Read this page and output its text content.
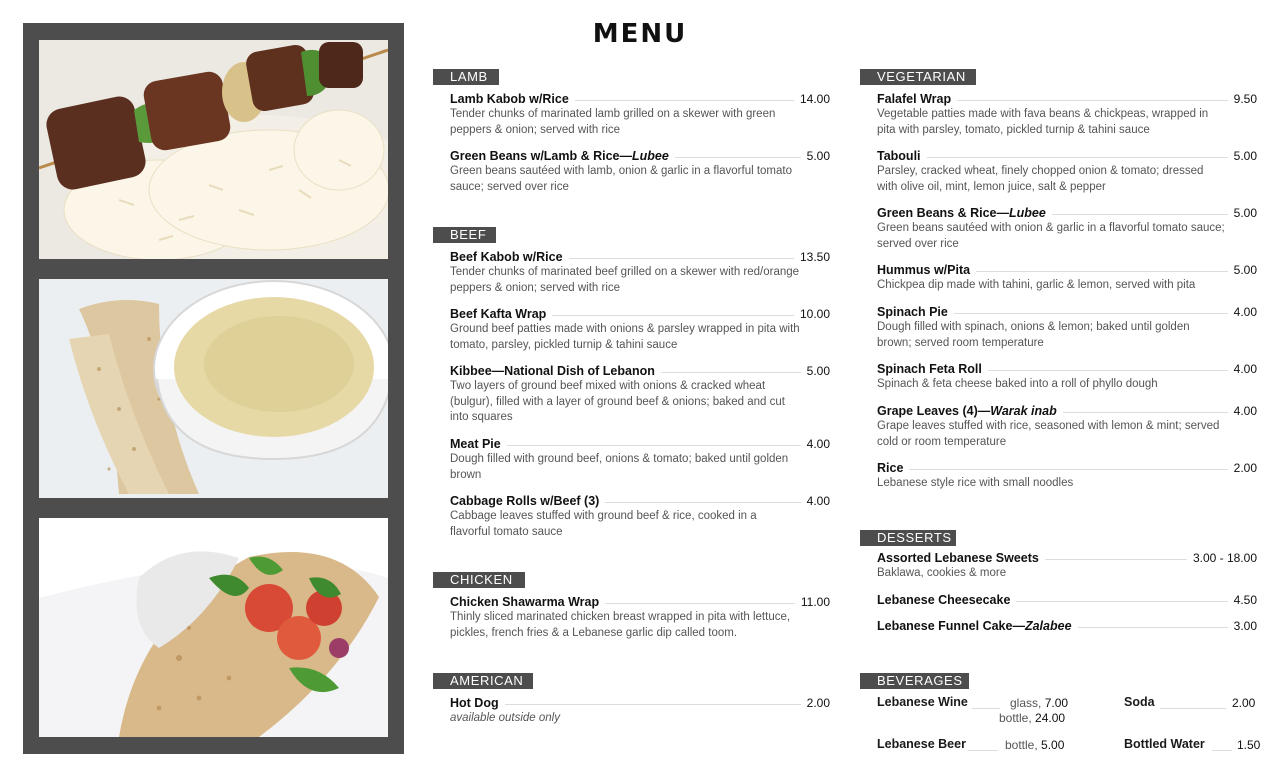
MENU
LAMB
Lamb Kabob w/Rice	14.00
Tender chunks of marinated lamb grilled on a skewer with green peppers & onion; served with rice
Green Beans w/Lamb & Rice—Lubee	5.00
Green beans sautéed with lamb, onion & garlic in a flavorful tomato sauce; served over rice
BEEF
Beef Kabob w/Rice	13.50
Tender chunks of marinated beef grilled on a skewer with red/orange peppers & onion; served with rice
Beef Kafta Wrap	10.00
Ground beef patties made with onions & parsley wrapped in pita with tomato, parsley, pickled turnip & tahini sauce
Kibbee—National Dish of Lebanon	5.00
Two layers of ground beef mixed with onions & cracked wheat (bulgur), filled with a layer of ground beef & onions; baked and cut into squares
Meat Pie	4.00
Dough filled with ground beef, onions & tomato; baked until golden brown
Cabbage Rolls w/Beef (3)	4.00
Cabbage leaves stuffed with ground beef & rice, cooked in a flavorful tomato sauce
CHICKEN
Chicken Shawarma Wrap	11.00
Thinly sliced marinated chicken breast wrapped in pita with lettuce, pickles, french fries & a Lebanese garlic dip called toom.
AMERICAN
Hot Dog	2.00
available outside only
VEGETARIAN
Falafel Wrap	9.50
Vegetable patties made with fava beans & chickpeas, wrapped in pita with parsley, tomato, pickled turnip & tahini sauce
Tabouli	5.00
Parsley, cracked wheat, finely chopped onion & tomato; dressed with olive oil, mint, lemon juice, salt & pepper
Green Beans & Rice—Lubee	5.00
Green beans sautéed with onion & garlic in a flavorful tomato sauce; served over rice
Hummus w/Pita	5.00
Chickpea dip made with tahini, garlic & lemon, served with pita
Spinach Pie	4.00
Dough filled with spinach, onions & lemon; baked until golden brown; served room temperature
Spinach Feta Roll	4.00
Spinach & feta cheese baked into a roll of phyllo dough
Grape Leaves (4)—Warak inab	4.00
Grape leaves stuffed with rice, seasoned with lemon & mint; served cold or room temperature
Rice	2.00
Lebanese style rice with small noodles
DESSERTS
Assorted Lebanese Sweets	3.00 - 18.00
Baklawa, cookies & more
Lebanese Cheesecake	4.50
Lebanese Funnel Cake—Zalabee	3.00
BEVERAGES
Lebanese Wine	glass, 7.00
bottle, 24.00
Lebanese Beer	bottle, 5.00
Soda	2.00
Bottled Water	1.50
